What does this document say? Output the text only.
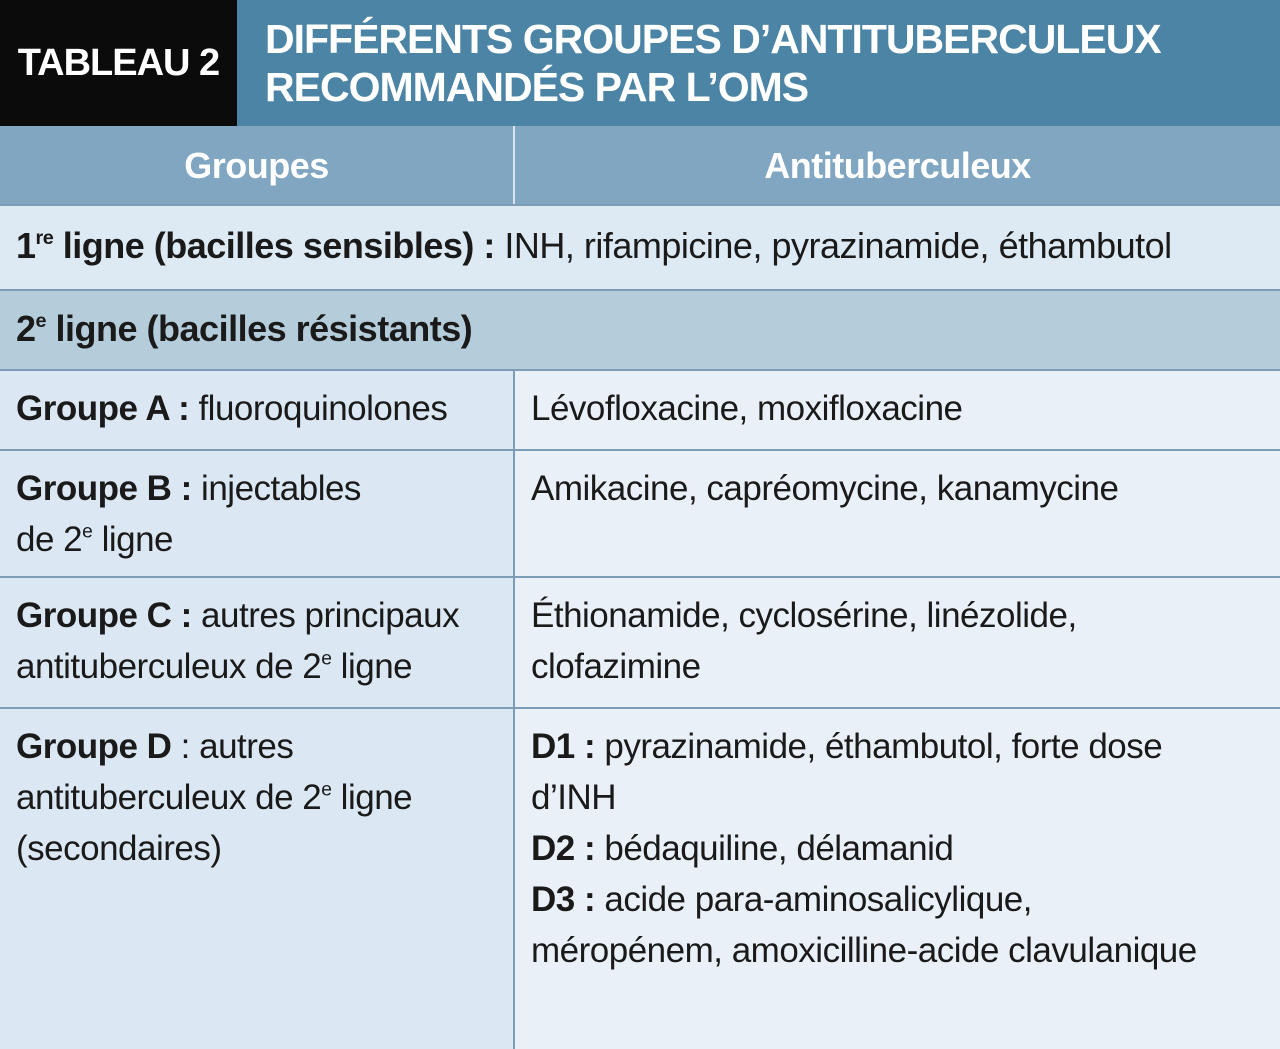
TABLEAU 2
DIFFÉRENTS GROUPES D’ANTITUBERCULEUX
RECOMMANDÉS PAR L’OMS
Groupes	Antituberculeux
1re ligne (bacilles sensibles) : INH, rifampicine, pyrazinamide, éthambutol
2e ligne (bacilles résistants)
Groupe A : fluoroquinolones	Lévofloxacine, moxifloxacine
Groupe B : injectables
de 2e ligne
Amikacine, capréomycine, kanamycine
Groupe C : autres principaux
antituberculeux de 2e ligne
Éthionamide, cyclosérine, linézolide,
clofazimine
Groupe D : autres
antituberculeux de 2e ligne
(secondaires)
D1 : pyrazinamide, éthambutol, forte dose
d’INH
D2 : bédaquiline, délamanid
D3 : acide para-aminosalicylique,
méropénem, amoxicilline-acide clavulanique
